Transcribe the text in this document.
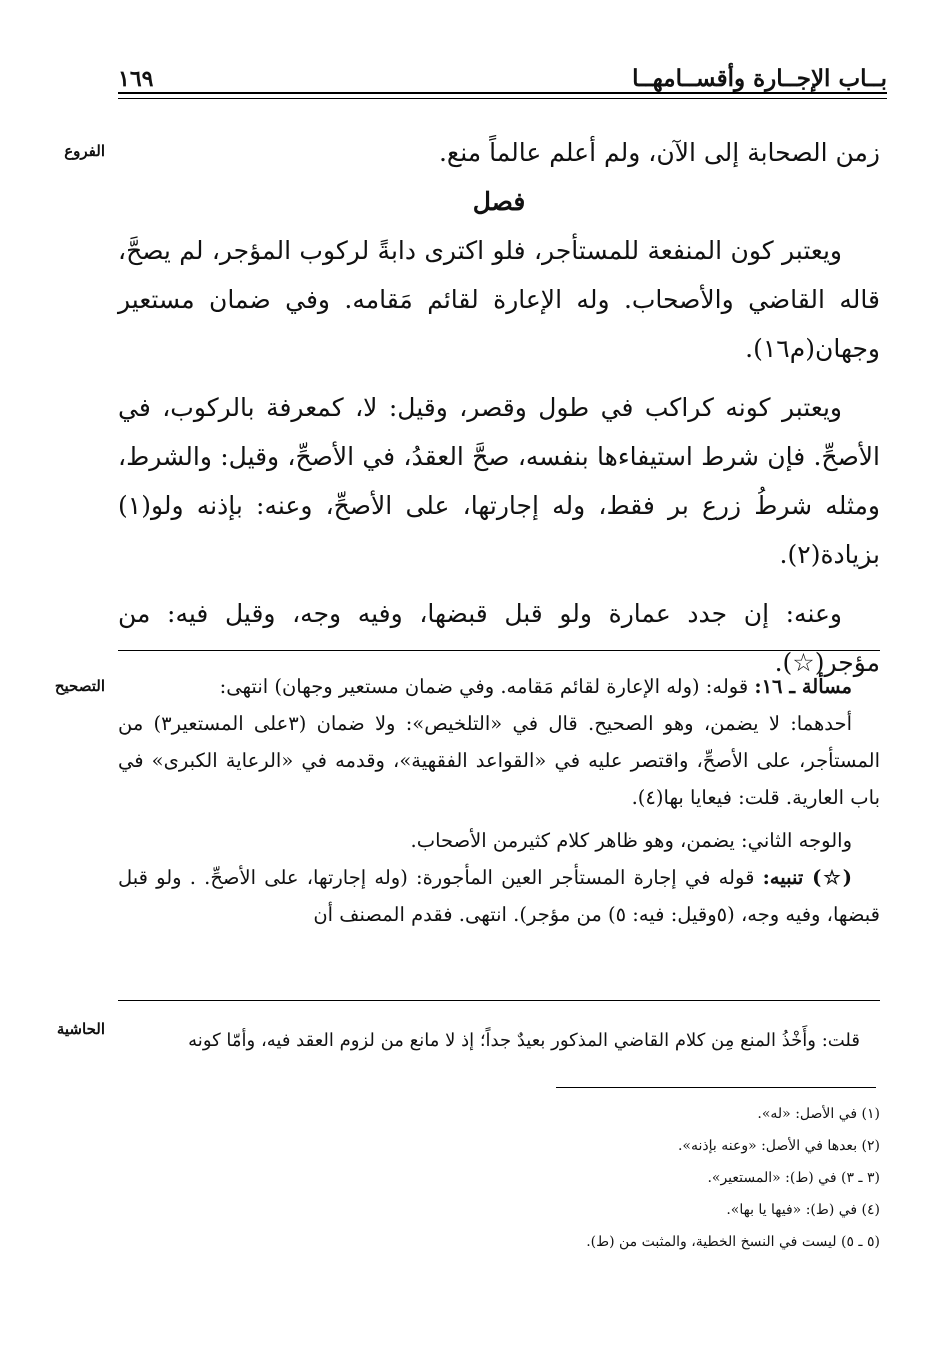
بــاب الإجــارة وأقســامهــا
١٦٩
الفروع	زمن الصحابة إلى الآن، ولم أعلم عالماً منع.

فصل

ويعتبر كون المنفعة للمستأجر، فلو اكترى دابةً لركوب المؤجر، لم يصحَّ، قاله القاضي والأصحاب. وله الإعارة لقائم مَقامه. وفي ضمان مستعير وجهان(م١٦).

ويعتبر كونه كراكب في طول وقصر، وقيل: لا، كمعرفة بالركوب، في الأصحِّ. فإن شرط استيفاءها بنفسه، صحَّ العقدُ، في الأصحِّ، وقيل: والشرط، ومثله شرطُ زرع بر فقط، وله إجارتها، على الأصحِّ، وعنه: بإذنه ولو(١) بزيادة(٢).

وعنه: إن جدد عمارة ولو قبل قبضها، وفيه وجه، وقيل فيه: من مؤجر(☆).

التصحيح	مسألة ـ ١٦: قوله: (وله الإعارة لقائم مَقامه. وفي ضمان مستعير وجهان) انتهى:

أحدهما: لا يضمن، وهو الصحيح. قال في «التلخيص»: ولا ضمان (٣على المستعير٣) من المستأجر، على الأصحِّ، واقتصر عليه في «القواعد الفقهية»، وقدمه في «الرعاية الكبرى» في باب العارية. قلت: فيعايا بها(٤).

والوجه الثاني: يضمن، وهو ظاهر كلام كثيرمن الأصحاب.

(☆) تنبيه: قوله في إجارة المستأجر العين المأجورة: (وله إجارتها، على الأصحِّ. . ولو قبل قبضها، وفيه وجه، (٥وقيل: فيه: ٥) من مؤجر). انتهى. فقدم المصنف أن

الحاشية

قلت: وأَخْذُ المنع مِن كلام القاضي المذكور بعيدٌ جداً؛ إذ لا مانع من لزوم العقد فيه، وأمّا كونه

(١) في الأصل: «له».
(٢) بعدها في الأصل: «وعنه بإذنه».
(٣ ـ ٣) في (ط): «المستعير».
(٤) في (ط): «فيها يا بها».
(٥ ـ ٥) ليست في النسخ الخطية، والمثبت من (ط).
